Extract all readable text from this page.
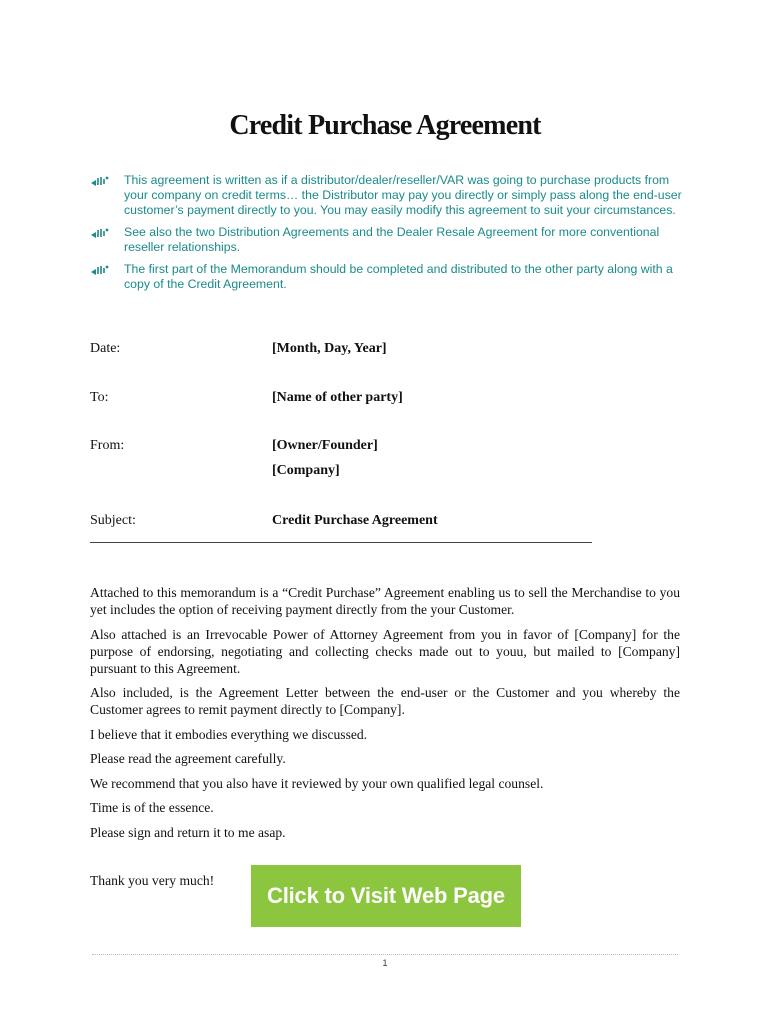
Credit Purchase Agreement
This agreement is written as if a distributor/dealer/reseller/VAR was going to purchase products from your company on credit terms… the Distributor may pay you directly or simply pass along the end-user customer’s payment directly to you. You may easily modify this agreement to suit your circumstances.
See also the two Distribution Agreements and the Dealer Resale Agreement for more conventional reseller relationships.
The first part of the Memorandum should be completed and distributed to the other party along with a copy of the Credit Agreement.
Date:	[Month, Day, Year]
To:	[Name of other party]
From:	[Owner/Founder]
[Company]
Subject:	Credit Purchase Agreement

Attached to this memorandum is a “Credit Purchase” Agreement enabling us to sell the Merchandise to you yet includes the option of receiving payment directly from the your Customer.

Also attached is an Irrevocable Power of Attorney Agreement from you in favor of [Company] for the purpose of endorsing, negotiating and collecting checks made out to youu, but mailed to [Company] pursuant to this Agreement.

Also included, is the Agreement Letter between the end-user or the Customer and you whereby the Customer agrees to remit payment directly to [Company].

I believe that it embodies everything we discussed.

Please read the agreement carefully.

We recommend that you also have it reviewed by your own qualified legal counsel.

Time is of the essence.

Please sign and return it to me asap.

Thank you very much!
Click to Visit Web Page
1
